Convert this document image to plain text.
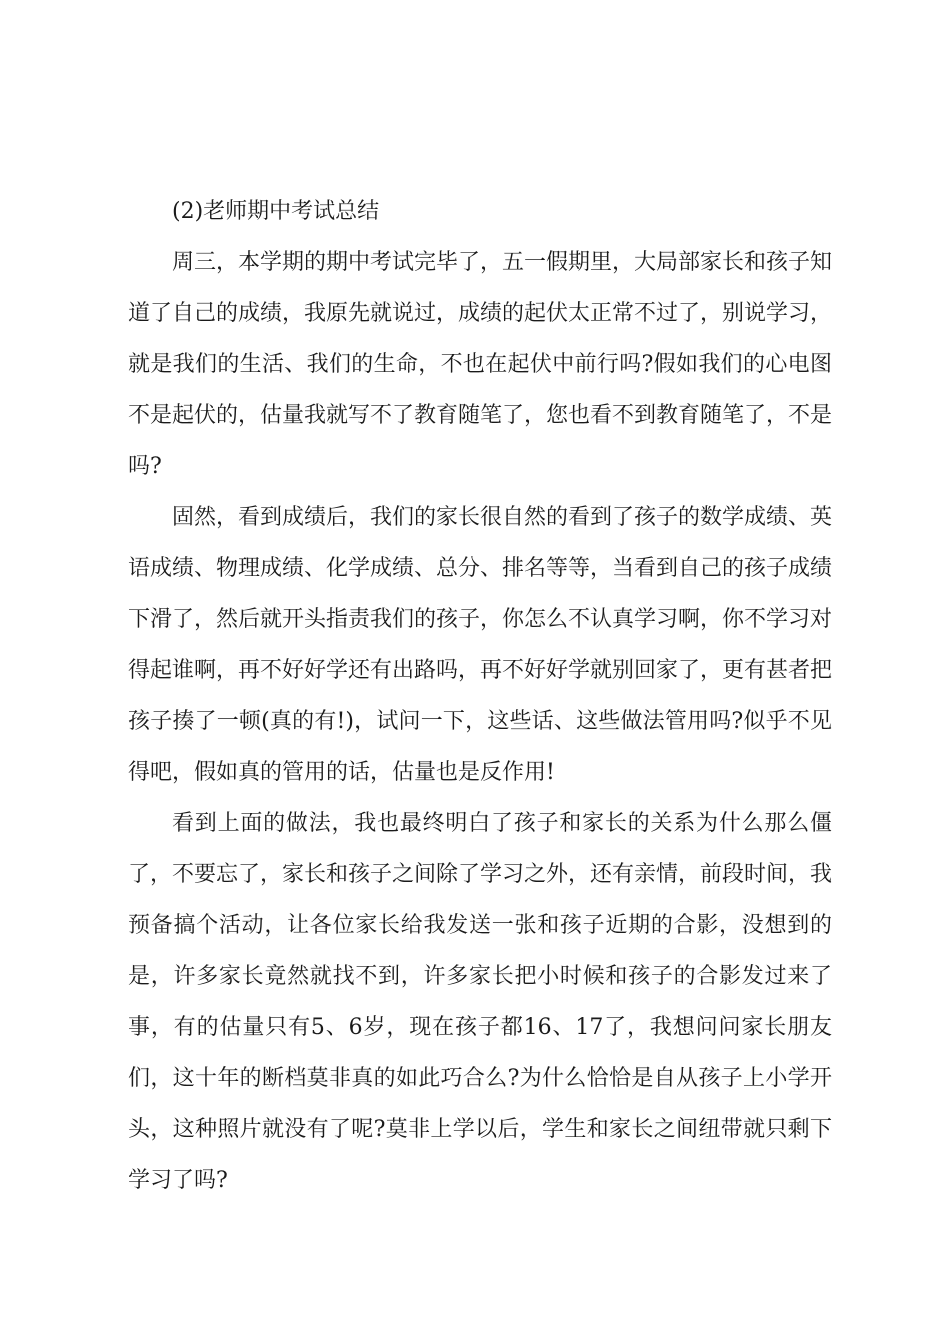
(2)老师期中考试总结

周三，本学期的期中考试完毕了，五一假期里，大局部家长和孩子知道了自己的成绩，我原先就说过，成绩的起伏太正常不过了，别说学习，就是我们的生活、我们的生命，不也在起伏中前行吗?假如我们的心电图不是起伏的，估量我就写不了教育随笔了，您也看不到教育随笔了，不是吗?

固然，看到成绩后，我们的家长很自然的看到了孩子的数学成绩、英语成绩、物理成绩、化学成绩、总分、排名等等，当看到自己的孩子成绩下滑了，然后就开头指责我们的孩子，你怎么不认真学习啊，你不学习对得起谁啊，再不好好学还有出路吗，再不好好学就别回家了，更有甚者把孩子揍了一顿(真的有!)，试问一下，这些话、这些做法管用吗?似乎不见得吧，假如真的管用的话，估量也是反作用!

看到上面的做法，我也最终明白了孩子和家长的关系为什么那么僵了，不要忘了，家长和孩子之间除了学习之外，还有亲情，前段时间，我预备搞个活动，让各位家长给我发送一张和孩子近期的合影，没想到的是，许多家长竟然就找不到，许多家长把小时候和孩子的合影发过来了事，有的估量只有5、6岁，现在孩子都16、17了，我想问问家长朋友们，这十年的断档莫非真的如此巧合么?为什么恰恰是自从孩子上小学开头，这种照片就没有了呢?莫非上学以后，学生和家长之间纽带就只剩下学习了吗?
